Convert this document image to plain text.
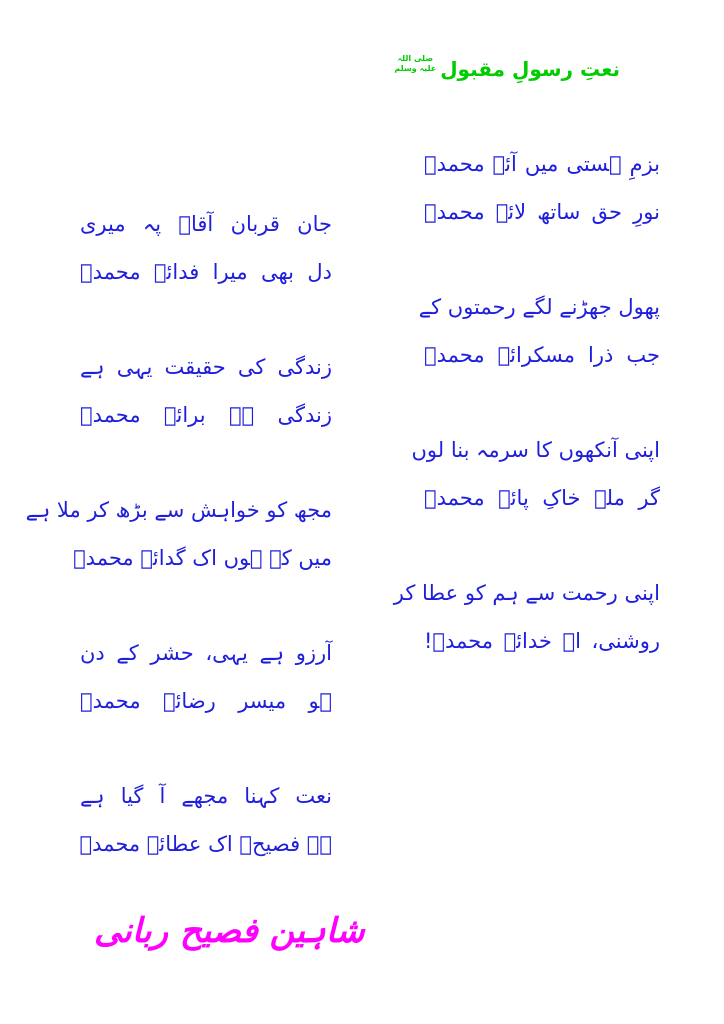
نعتِ رسولِ مقبول
صلی اللہ
علیہ وسلم
بزمِ ہستی میں آئے محمدؐ
نورِ حق ساتھ لائے محمدؐ
پھول جھڑنے لگے رحمتوں کے
جب ذرا مسکرائے محمدؐ
اپنی آنکھوں کا سرمہ بنا لوں
گر ملے خاکِ پائے محمدؐ
اپنی رحمت سے ہم کو عطا کر
روشنی، اے خدائے محمدؐ!
جان قربان آقاؐ پہ میری
دل بھی میرا فدائے محمدؐ
زندگی کی حقیقت یہی ہے
زندگی ہے برائے محمدؐ
مجھ کو خواہش سے بڑھ کر ملا ہے
میں کہ ہوں اک گدائے محمدؐ
آرزو ہے یہی، حشر کے دن
ہو میسر رضائے محمدؐ
نعت کہنا مجھے آ گیا ہے
ہے فصیحؔ اک عطائے محمدؐ
شاہین فصیح ربانی
